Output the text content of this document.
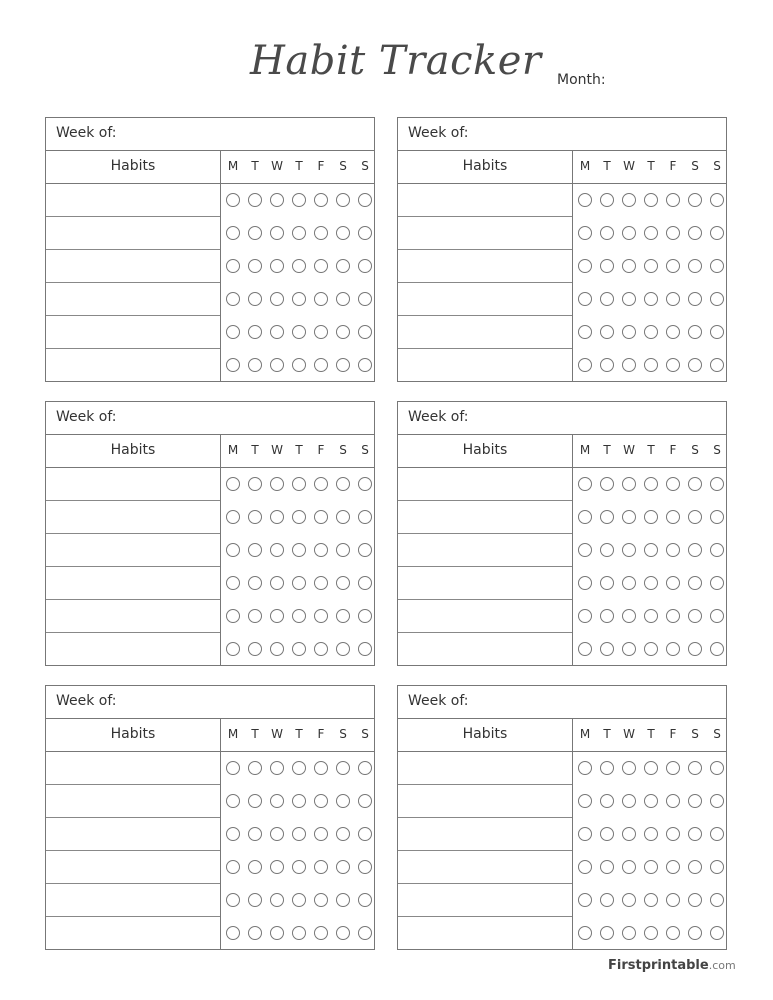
Habit Tracker Month:
Week of:
Habits	M	T	W	T	F	S	S
Week of:
Habits	M	T	W	T	F	S	S
Week of:
Habits	M	T	W	T	F	S	S
Week of:
Habits	M	T	W	T	F	S	S
Week of:
Habits	M	T	W	T	F	S	S
Week of:
Habits	M	T	W	T	F	S	S
Firstprintable.com
